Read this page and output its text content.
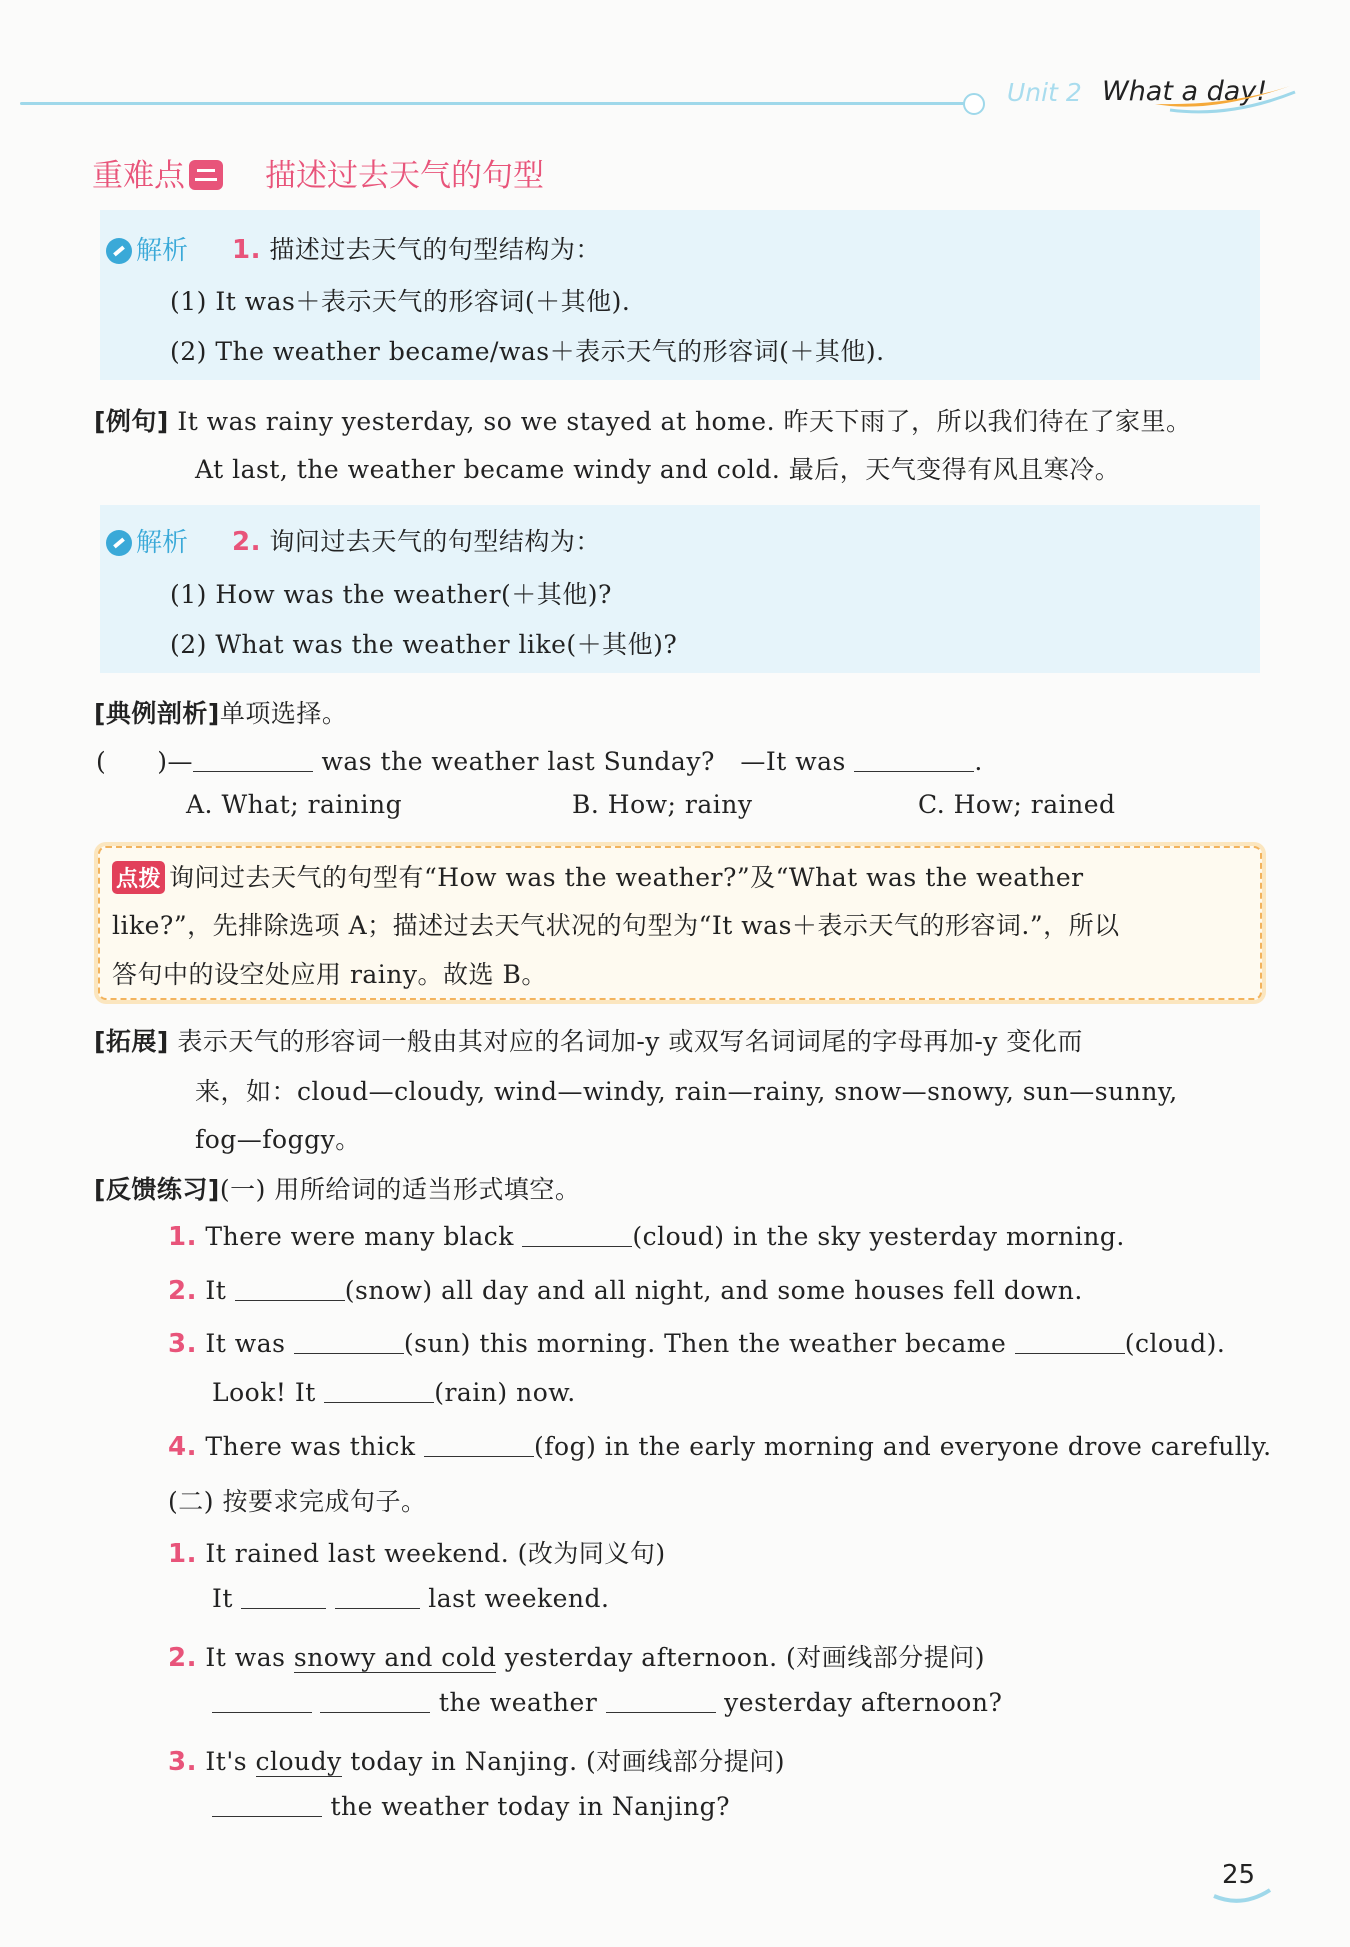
Unit 2 What a day!
重难点	描述过去天气的句型
解析 1. 描述过去天气的句型结构为：
(1) It was＋表示天气的形容词(＋其他).
(2) The weather became/was＋表示天气的形容词(＋其他).
[例句] It was rainy yesterday, so we stayed at home. 昨天下雨了，所以我们待在了家里。
At last, the weather became windy and cold. 最后，天气变得有风且寒冷。
解析 2. 询问过去天气的句型结构为：
(1) How was the weather(＋其他)?
(2) What was the weather like(＋其他)?
[典例剖析]单项选择。
(　　)—	was the weather last Sunday?　—It was	.
A. What; raining	B. How; rainy	C. How; rained
点拨 询问过去天气的句型有“How was the weather?”及“What was the weather
like?”，先排除选项 A；描述过去天气状况的句型为“It was＋表示天气的形容词.”，所以
答句中的设空处应用 rainy。故选 B。
[拓展] 表示天气的形容词一般由其对应的名词加-y 或双写名词词尾的字母再加-y 变化而
来，如：cloud—cloudy, wind—windy, rain—rainy, snow—snowy, sun—sunny,
fog—foggy。
[反馈练习](一) 用所给词的适当形式填空。
1. There were many black	(cloud) in the sky yesterday morning.
2. It	(snow) all day and all night, and some houses fell down.
3. It was	(sun) this morning. Then the weather became	(cloud).
Look! It	(rain) now.
4. There was thick	(fog) in the early morning and everyone drove carefully.
(二) 按要求完成句子。
1. It rained last weekend. (改为同义句)
It	last weekend.
2. It was snowy and cold yesterday afternoon. (对画线部分提问)
the weather	yesterday afternoon?
3. It's cloudy today in Nanjing. (对画线部分提问)
the weather today in Nanjing?
25
